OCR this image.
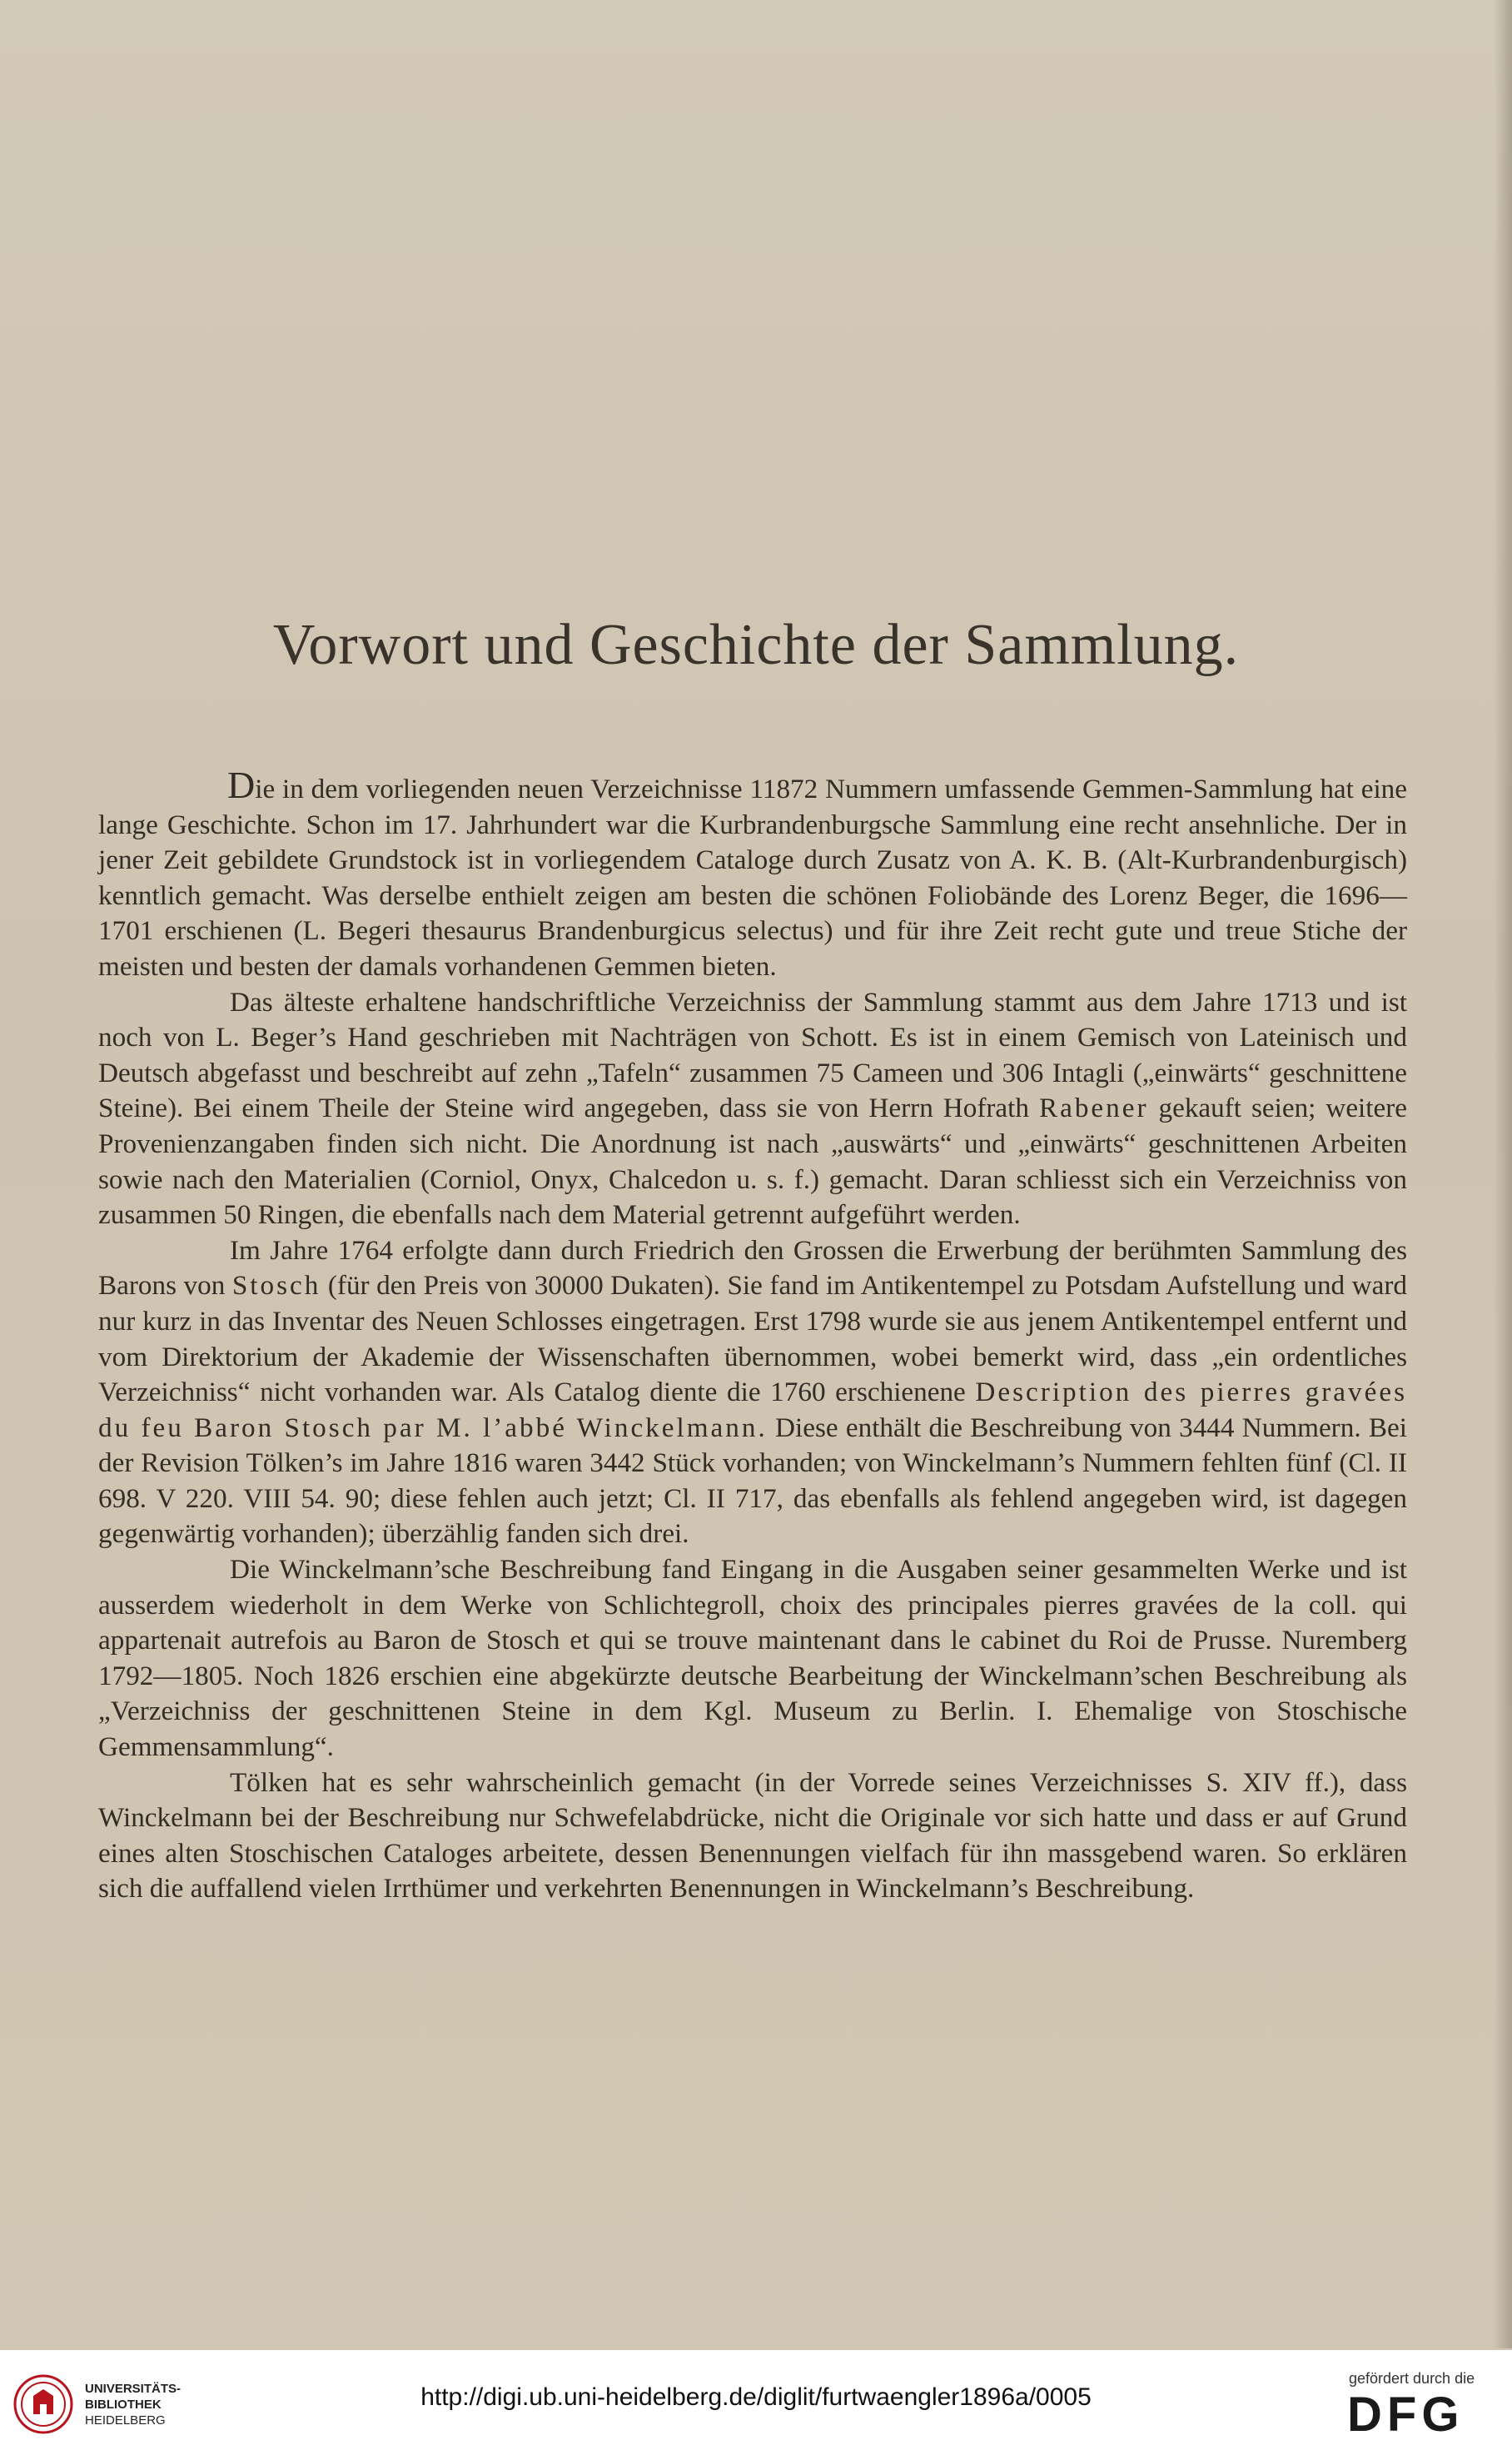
Vorwort und Geschichte der Sammlung.

Die in dem vorliegenden neuen Verzeichnisse 11872 Nummern umfassende Gemmen-Sammlung hat eine lange Geschichte. Schon im 17. Jahrhundert war die Kurbrandenburgsche Sammlung eine recht ansehnliche. Der in jener Zeit gebildete Grundstock ist in vorliegendem Cataloge durch Zusatz von A. K. B. (Alt-Kurbrandenburgisch) kenntlich gemacht. Was derselbe enthielt zeigen am besten die schönen Foliobände des Lorenz Beger, die 1696—1701 erschienen (L. Begeri thesaurus Brandenburgicus selectus) und für ihre Zeit recht gute und treue Stiche der meisten und besten der damals vorhandenen Gemmen bieten.

Das älteste erhaltene handschriftliche Verzeichniss der Sammlung stammt aus dem Jahre 1713 und ist noch von L. Beger’s Hand geschrieben mit Nachträgen von Schott. Es ist in einem Gemisch von Lateinisch und Deutsch abgefasst und beschreibt auf zehn „Tafeln“ zusammen 75 Cameen und 306 Intagli („einwärts“ geschnittene Steine). Bei einem Theile der Steine wird angegeben, dass sie von Herrn Hofrath Rabener gekauft seien; weitere Provenienzangaben finden sich nicht. Die Anordnung ist nach „auswärts“ und „einwärts“ geschnittenen Arbeiten sowie nach den Materialien (Corniol, Onyx, Chalcedon u. s. f.) gemacht. Daran schliesst sich ein Verzeichniss von zusammen 50 Ringen, die ebenfalls nach dem Material getrennt aufgeführt werden.

Im Jahre 1764 erfolgte dann durch Friedrich den Grossen die Erwerbung der berühmten Sammlung des Barons von Stosch (für den Preis von 30000 Dukaten). Sie fand im Antikentempel zu Potsdam Aufstellung und ward nur kurz in das Inventar des Neuen Schlosses eingetragen. Erst 1798 wurde sie aus jenem Antikentempel entfernt und vom Direktorium der Akademie der Wissenschaften übernommen, wobei bemerkt wird, dass „ein ordentliches Verzeichniss“ nicht vorhanden war. Als Catalog diente die 1760 erschienene Description des pierres gravées du feu Baron Stosch par M. l’abbé Winckelmann. Diese enthält die Beschreibung von 3444 Nummern. Bei der Revision Tölken’s im Jahre 1816 waren 3442 Stück vorhanden; von Winckelmann’s Nummern fehlten fünf (Cl. II 698. V 220. VIII 54. 90; diese fehlen auch jetzt; Cl. II 717, das ebenfalls als fehlend angegeben wird, ist dagegen gegenwärtig vorhanden); überzählig fanden sich drei.

Die Winckelmann’sche Beschreibung fand Eingang in die Ausgaben seiner gesammelten Werke und ist ausserdem wiederholt in dem Werke von Schlichtegroll, choix des principales pierres gravées de la coll. qui appartenait autrefois au Baron de Stosch et qui se trouve maintenant dans le cabinet du Roi de Prusse. Nuremberg 1792—1805. Noch 1826 erschien eine abgekürzte deutsche Bearbeitung der Winckelmann’schen Beschreibung als „Verzeichniss der geschnittenen Steine in dem Kgl. Museum zu Berlin. I. Ehemalige von Stoschische Gemmensammlung“.

Tölken hat es sehr wahrscheinlich gemacht (in der Vorrede seines Verzeichnisses S. XIV ff.), dass Winckelmann bei der Beschreibung nur Schwefelabdrücke, nicht die Originale vor sich hatte und dass er auf Grund eines alten Stoschischen Cataloges arbeitete, dessen Benennungen vielfach für ihn massgebend waren. So erklären sich die auffallend vielen Irrthümer und verkehrten Benennungen in Winckelmann’s Beschreibung.

UNIVERSITÄTS-
BIBLIOTHEK
HEIDELBERG
http://digi.ub.uni-heidelberg.de/diglit/furtwaengler1896a/0005
gefördert durch die
DFG
